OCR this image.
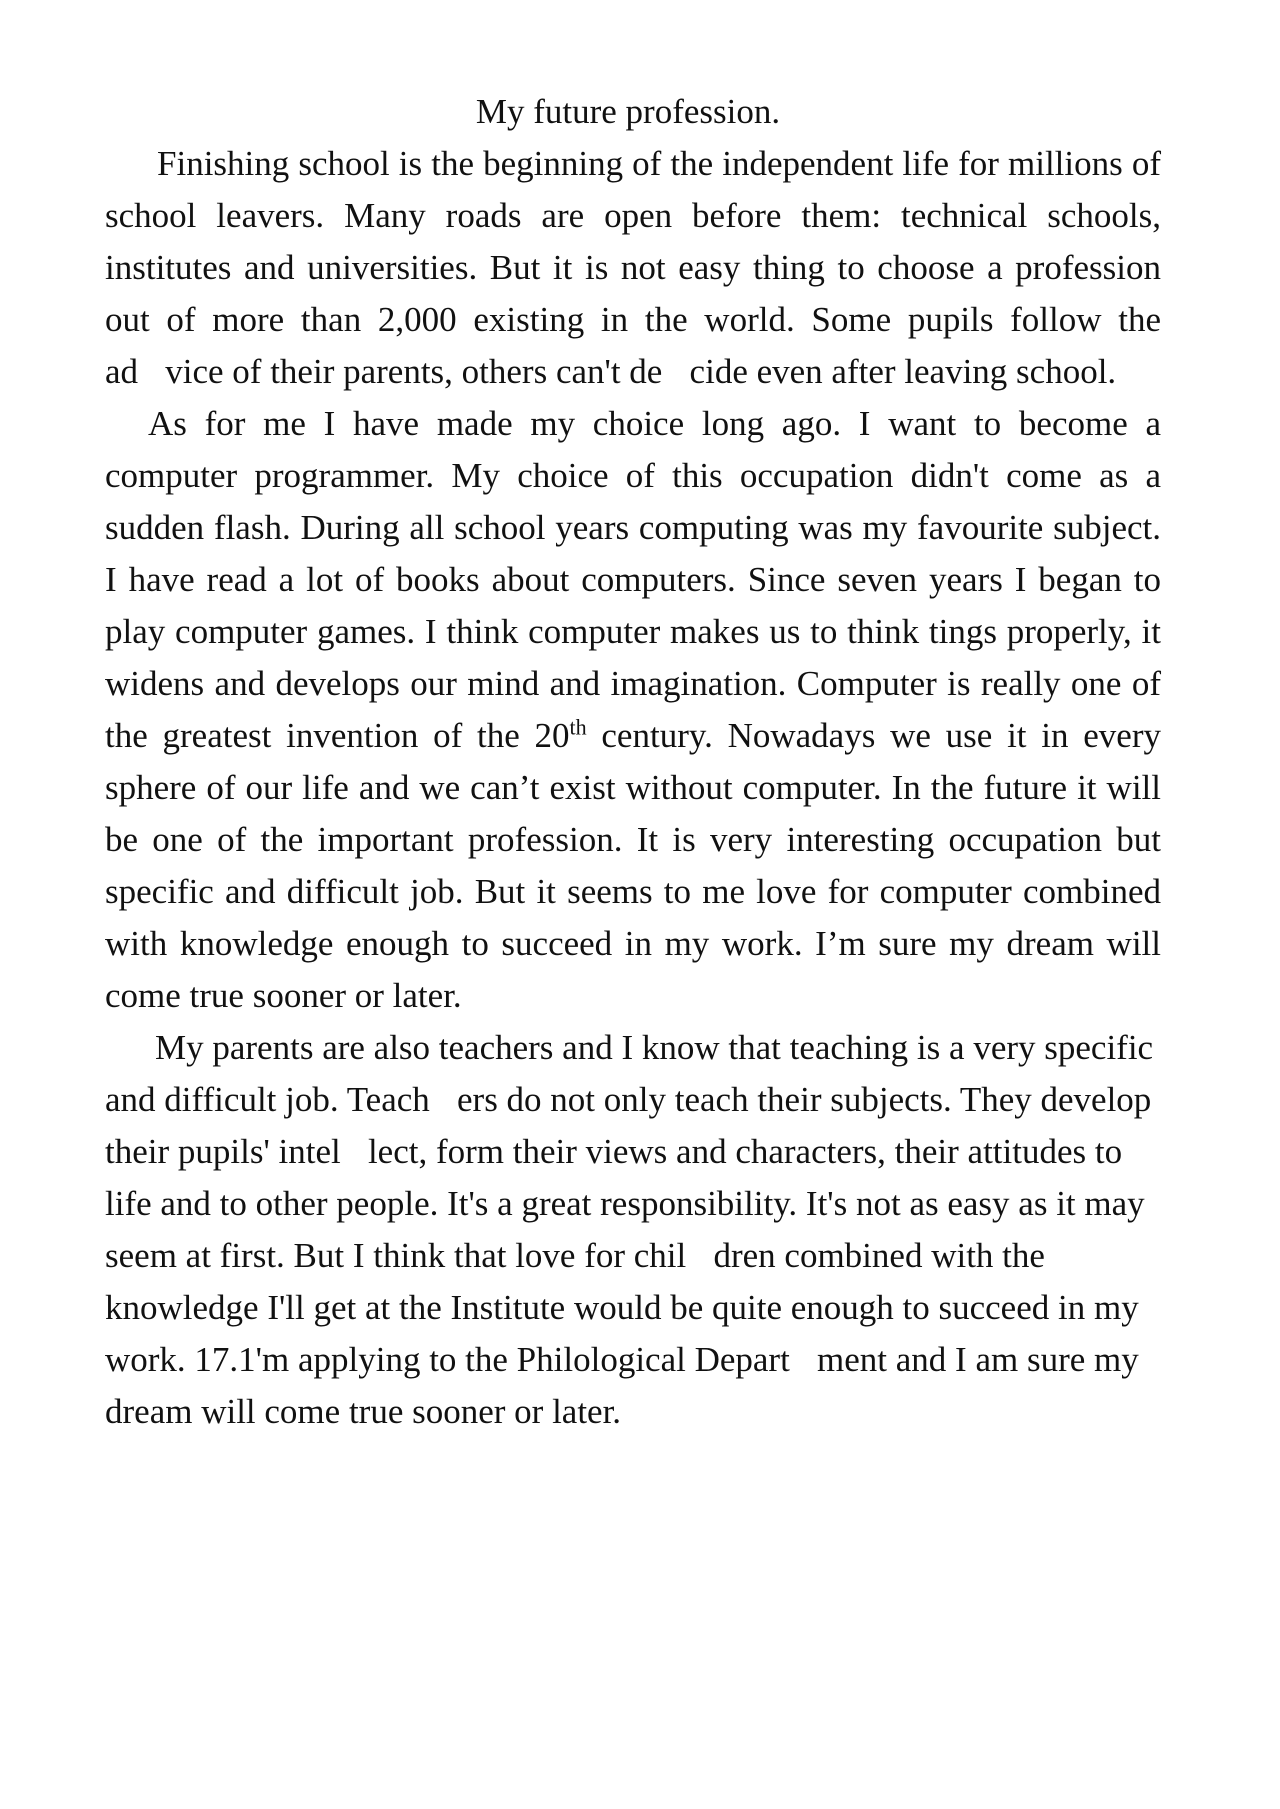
My future profession.

Finishing school is the beginning of the independent life for millions of school leavers. Many roads are open before them: technical schools, institutes and universities. But it is not easy thing to choose a profession out of more than 2,000 existing in the world. Some pupils follow the ad􏰀vice of their parents, others can't de􏰀cide even after leaving school.

As for me I have made my choice long ago. I want to become a computer programmer. My choice of this occupation didn't come as a sudden flash. During all school years computing was my favourite subject. I have read a lot of books about computers. Since seven years I began to play computer games. I think computer makes us to think tings properly, it widens and develops our mind and imagination. Computer is really one of the greatest invention of the 20th century. Nowadays we use it in every sphere of our life and we can’t exist without computer. In the future it will be one of the important profession. It is very interesting occupation but specific and difficult job. But it seems to me love for computer combined with knowledge enough to succeed in my work. I’m sure my dream will come true sooner or later.

My parents are also teachers and I know that teaching is a very specific and difficult job. Teach􏰀ers do not only teach their subjects. They develop their pupils' intel􏰀lect, form their views and characters, their attitudes to life and to other people. It's a great responsibility. It's not as easy as it may seem at first. But I think that love for chil􏰀dren combined with the knowledge I'll get at the Institute would be quite enough to succeed in my work. 17.1'm applying to the Philological Depart􏰀ment and I am sure my dream will come true sooner or later.
